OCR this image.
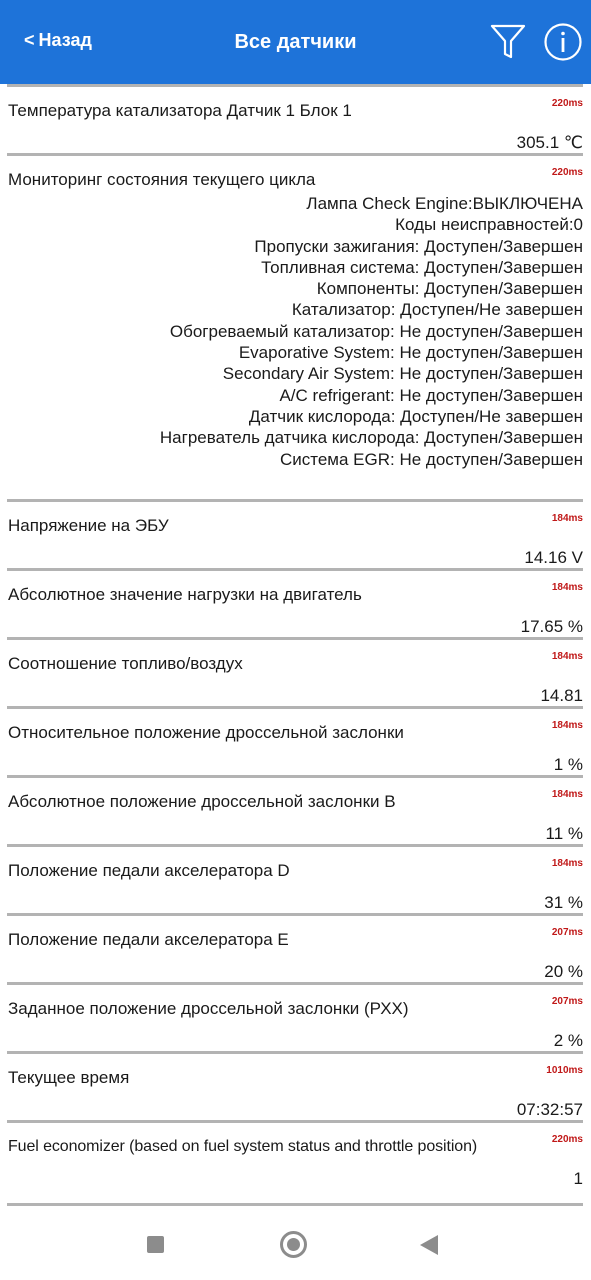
< Назад	Все датчики
Температура катализатора Датчик 1 Блок 1	220ms
305.1 ℃
Мониторинг состояния текущего цикла	220ms
Лампа Check Engine:ВЫКЛЮЧЕНА
Коды неисправностей:0
Пропуски зажигания: Доступен/Завершен
Топливная система: Доступен/Завершен
Компоненты: Доступен/Завершен
Катализатор: Доступен/Не завершен
Обогреваемый катализатор: Не доступен/Завершен
Evaporative System: Не доступен/Завершен
Secondary Air System: Не доступен/Завершен
A/C refrigerant: Не доступен/Завершен
Датчик кислорода: Доступен/Не завершен
Нагреватель датчика кислорода: Доступен/Завершен
Система EGR: Не доступен/Завершен
Напряжение на ЭБУ	184ms
14.16 V
Абсолютное значение нагрузки на двигатель	184ms
17.65 %
Соотношение топливо/воздух	184ms
14.81
Относительное положение дроссельной заслонки	184ms
1 %
Абсолютное положение дроссельной заслонки B	184ms
11 %
Положение педали акселератора D	184ms
31 %
Положение педали акселератора E	207ms
20 %
Заданное положение дроссельной заслонки (РХХ)	207ms
2 %
Текущее время	1010ms
07:32:57
Fuel economizer (based on fuel system status and throttle position)	220ms
1
